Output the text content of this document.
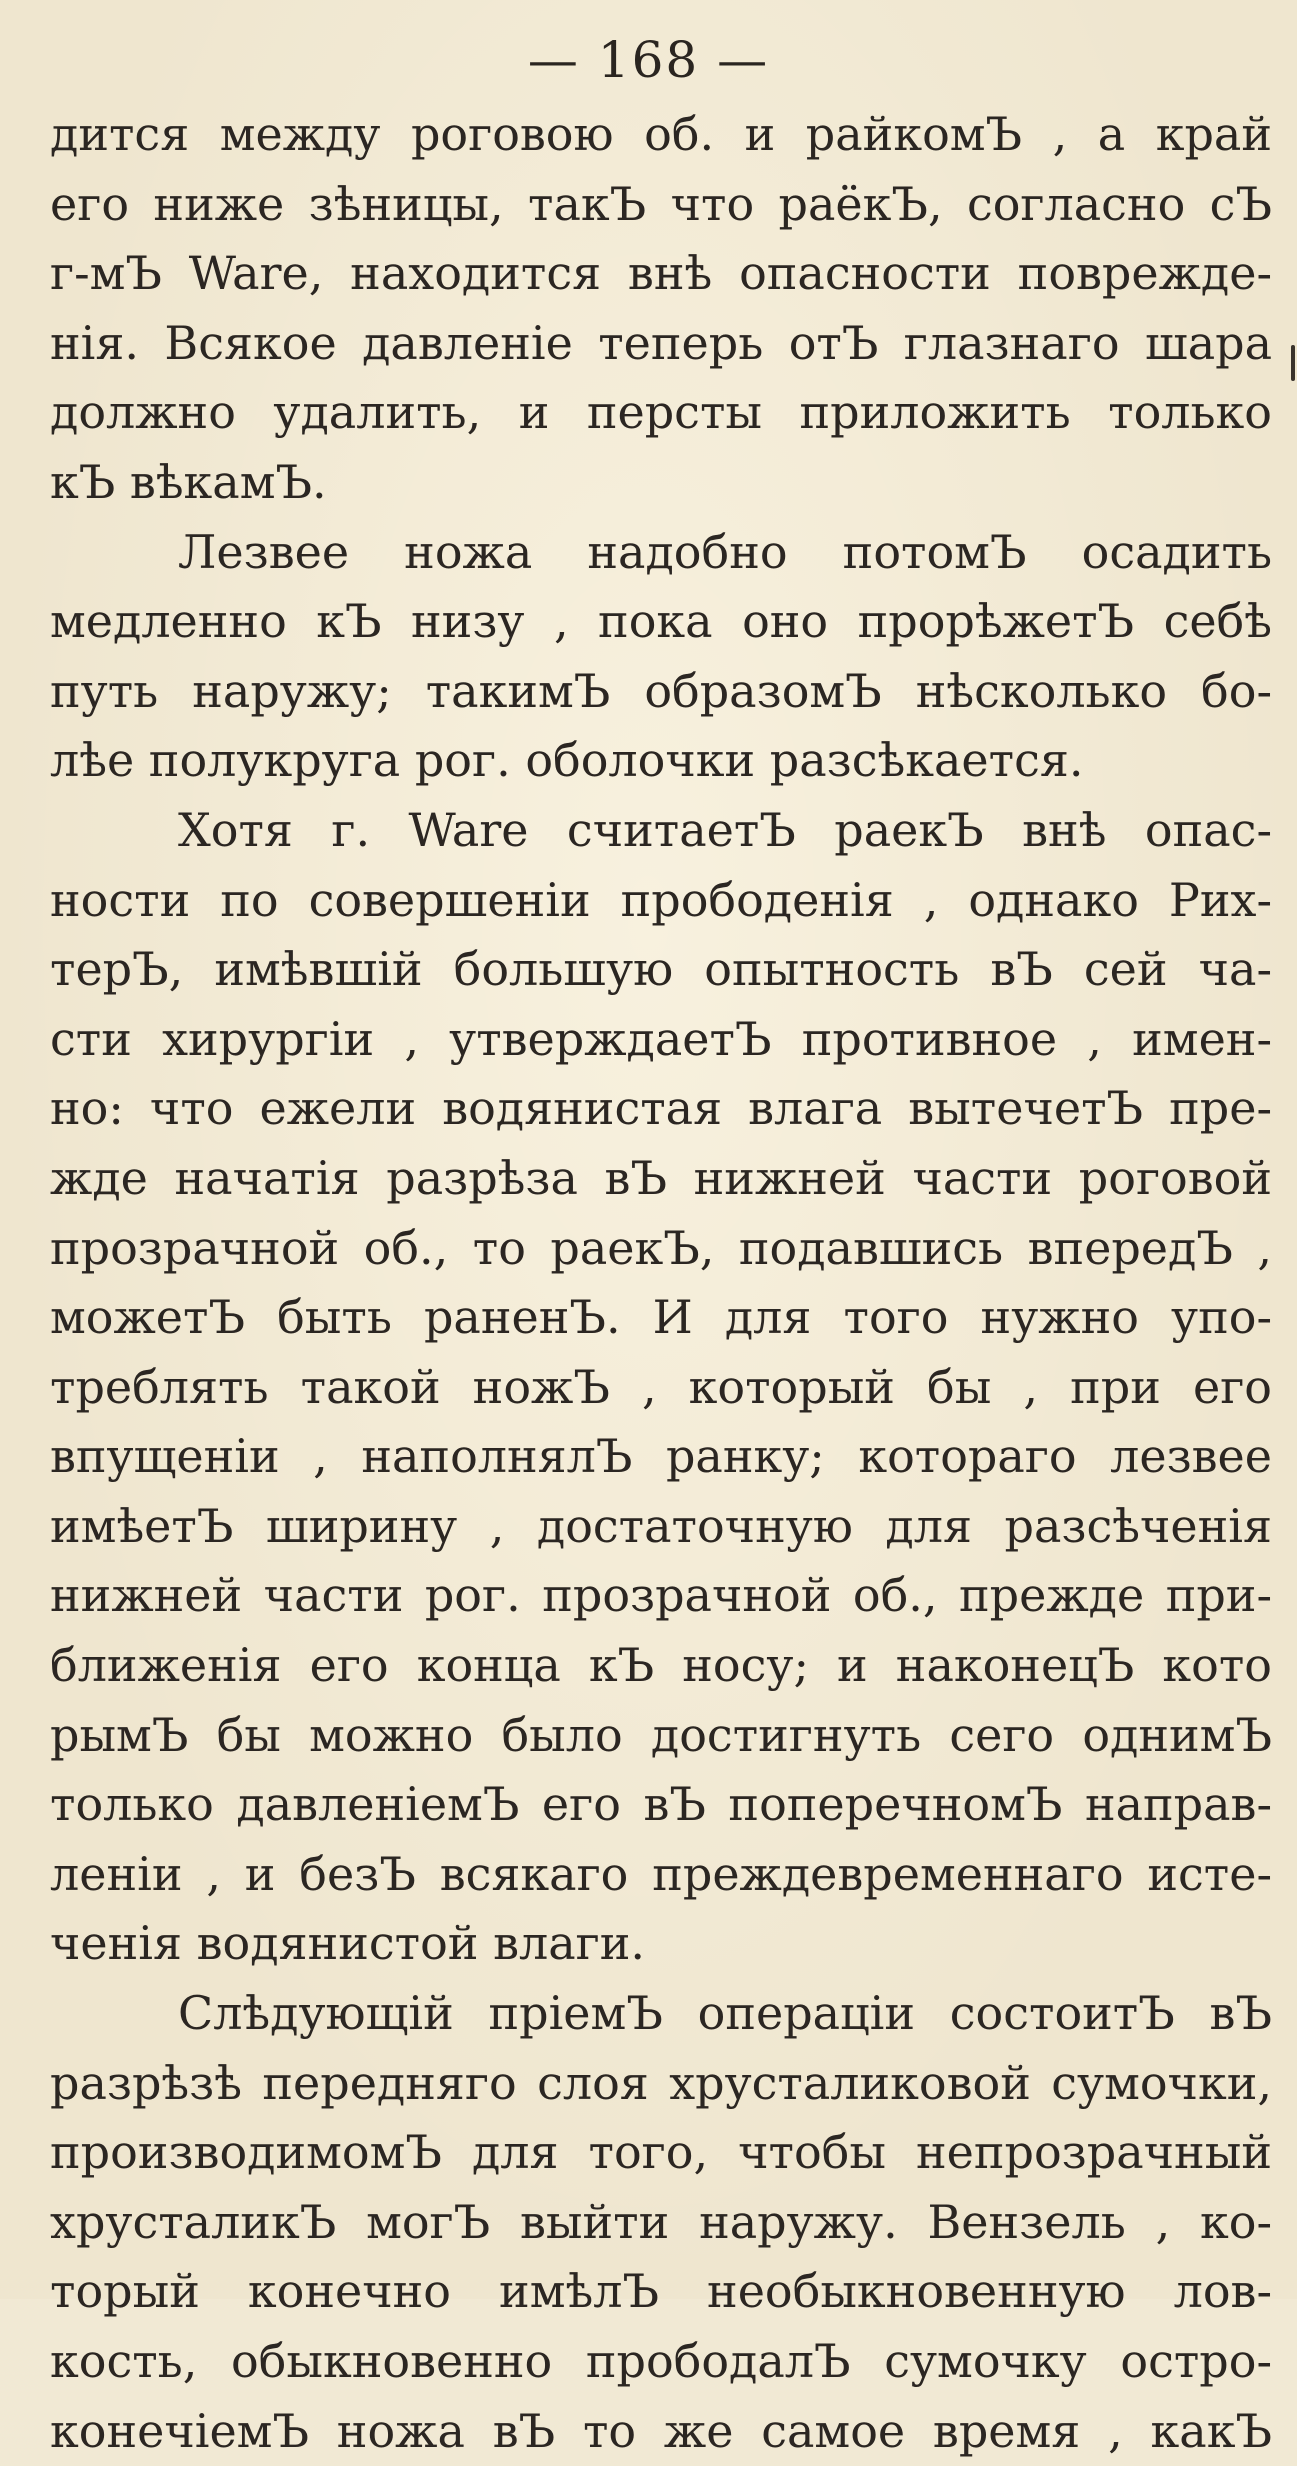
— 168 —
дится между роговою об. и райкомЪ , а край
его ниже зѣницы, такЪ что раёкЪ, согласно сЪ
г-мЪ Ware, находится внѣ опасности поврежде-
нія. Всякое давленіе теперь отЪ глазнаго шара
должно удалить, и персты приложить только
кЪ вѣкамЪ.
Лезвее ножа надобно потомЪ осадить
медленно кЪ низу , пока оно прорѣжетЪ себѣ
путь наружу; такимЪ образомЪ нѣсколько бо-
лѣе полукруга рог. оболочки разсѣкается.
Хотя г. Ware считаетЪ раекЪ внѣ опас-
ности по совершеніи прободенія , однако Рих-
терЪ, имѣвшій большую опытность вЪ сей ча-
сти хирургіи , утверждаетЪ противное , имен-
но: что ежели водянистая влага вытечетЪ пре-
жде начатія разрѣза вЪ нижней части роговой
прозрачной об., то раекЪ, подавшись впередЪ ,
можетЪ быть раненЪ. И для того нужно упо-
треблять такой ножЪ , который бы , при его
впущеніи , наполнялЪ ранку; котораго лезвее
имѣетЪ ширину , достаточную для разсѣченія
нижней части рог. прозрачной об., прежде при-
ближенія его конца кЪ носу; и наконецЪ кото
рымЪ бы можно было достигнуть сего однимЪ
только давленіемЪ его вЪ поперечномЪ направ-
леніи , и безЪ всякаго преждевременнаго исте-
ченія водянистой влаги.
Слѣдующій пріемЪ операціи состоитЪ вЪ
разрѣзѣ передняго слоя хрусталиковой сумочки,
производимомЪ для того, чтобы непрозрачный
хрусталикЪ могЪ выйти наружу. Вензель , ко-
торый конечно имѣлЪ необыкновенную лов-
кость, обыкновенно прободалЪ сумочку остро-
конечіемЪ ножа вЪ то же самое время , какЪ
